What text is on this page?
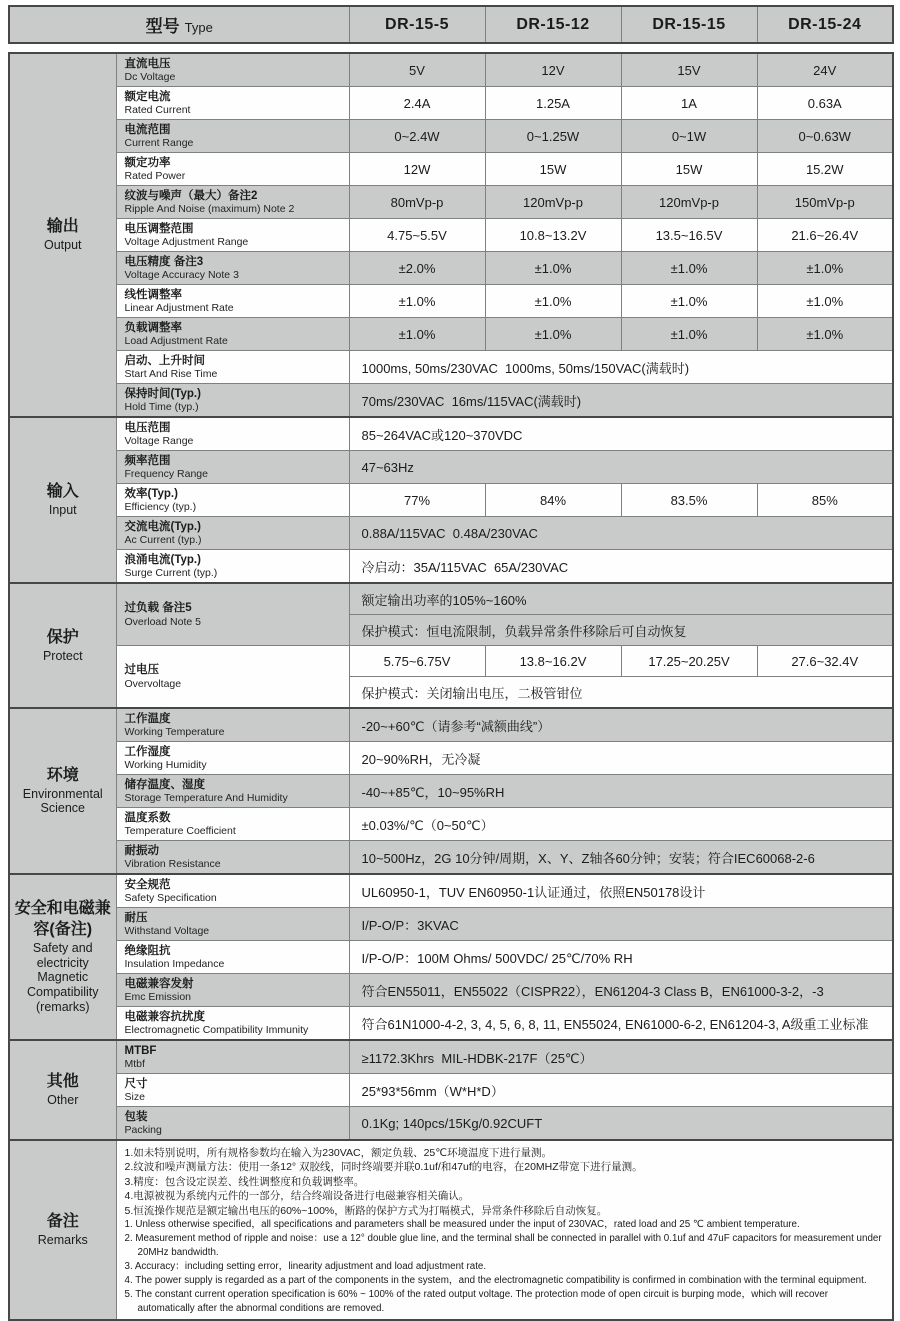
型号 Type	DR-15-5	DR-15-12	DR-15-15	DR-15-24
输出
Output

直流电压
Dc Voltage	5V	12V	15V	24V

	额定电流
Rated Current	2.4A	1.25A	1A	0.63A

	电流范围
Current Range	0~2.4W	0~1.25W	0~1W	0~0.63W

	额定功率
Rated Power	12W	15W	15W	15.2W

	纹波与噪声（最大）备注2
Ripple And Noise (maximum) Note 2	80mVp-p	120mVp-p	120mVp-p	150mVp-p

	电压调整范围
Voltage Adjustment Range	4.75~5.5V	10.8~13.2V	13.5~16.5V	21.6~26.4V

	电压精度 备注3
Voltage Accuracy Note 3	±2.0%	±1.0%	±1.0%	±1.0%

	线性调整率
Linear Adjustment Rate	±1.0%	±1.0%	±1.0%	±1.0%

	负载调整率
Load Adjustment Rate	±1.0%	±1.0%	±1.0%	±1.0%

	启动、上升时间
Start And Rise Time	1000ms, 50ms/230VAC  1000ms, 50ms/150VAC(满载时)			

	保持时间(Typ.)
Hold Time (typ.)	70ms/230VAC  16ms/115VAC(满载时)			

输入
Input

电压范围
Voltage Range	85~264VAC或120~370VDC

	频率范围
Frequency Range	47~63Hz			

	效率(Typ.)
Efficiency (typ.)	77%	84%	83.5%	85%

	交流电流(Typ.)
Ac Current (typ.)	0.88A/115VAC  0.48A/230VAC			

	浪涌电流(Typ.)
Surge Current (typ.)	冷启动：35A/115VAC  65A/230VAC			

保护
Protect

过负载 备注5
Overload Note 5
	额定输出功率的105%~160%
		保护模式：恒电流限制，负载异常条件移除后可自动恢复			

	过电压
Overvoltage	5.75~6.75V	13.8~16.2V	17.25~20.25V	27.6~32.4V
		保护模式：关闭输出电压，二极管钳位			

环境
Environmental Science

工作温度
Working Temperature	-20~+60℃（请参考“减额曲线”）

	工作湿度
Working Humidity	20~90%RH，无冷凝			

	储存温度、湿度
Storage Temperature And Humidity	-40~+85℃，10~95%RH			

	温度系数
Temperature Coefficient	±0.03%/℃（0~50℃）			

	耐振动
Vibration Resistance	10~500Hz，2G 10分钟/周期，X、Y、Z轴各60分钟；安装；符合IEC60068-2-6			

安全和电磁兼容(备注)
Safety and electricity Magnetic Compatibility (remarks)

安全规范
Safety Specification	UL60950-1，TUV EN60950-1认证通过，依照EN50178设计

	耐压
Withstand Voltage	I/P-O/P：3KVAC			

	绝缘阻抗
Insulation Impedance	I/P-O/P：100M Ohms/ 500VDC/ 25℃/70% RH			

	电磁兼容发射
Emc Emission	符合EN55011，EN55022（CISPR22），EN61204-3 Class B，EN61000-3-2，-3			

	电磁兼容抗扰度
Electromagnetic Compatibility Immunity	符合61N1000-4-2, 3, 4, 5, 6, 8, 11, EN55024, EN61000-6-2, EN61204-3, A级重工业标准			

其他
Other

MTBF
Mtbf	≥1172.3Khrs  MIL-HDBK-217F（25℃）

	尺寸
Size	25*93*56mm（W*H*D）			

	包装
Packing	0.1Kg; 140pcs/15Kg/0.92CUFT			

备注
Remarks

1.如未特别说明，所有规格参数均在输入为230VAC，额定负载、25℃环境温度下进行量测。

2.纹波和噪声测量方法：使用一条12° 双胶线，同时终端要并联0.1uf/和47uf的电容，在20MHZ带宽下进行量测。

3.精度：包含设定误差、线性调整度和负载调整率。

4.电源被视为系统内元件的一部分，结合终端设备进行电磁兼容相关确认。

5.恒流操作规范是额定输出电压的60%~100%，断路的保护方式为打嗝模式，异常条件移除后自动恢复。

1. Unless otherwise specified，all specifications and parameters shall be measured under the input of 230VAC，rated load and 25 ℃ ambient temperature.

2. Measurement method of ripple and noise：use a 12° double glue line, and the terminal shall be connected in parallel with 0.1uf and 47uF capacitors for measurement under 20MHz bandwidth.

3. Accuracy：including setting error，linearity adjustment and load adjustment rate.

4. The power supply is regarded as a part of the components in the system，and the electromagnetic compatibility is confirmed in combination with the terminal equipment.

5. The constant current operation specification is 60% ~ 100% of the rated output voltage. The protection mode of open circuit is burping mode，which will recover automatically after the abnormal conditions are removed.
